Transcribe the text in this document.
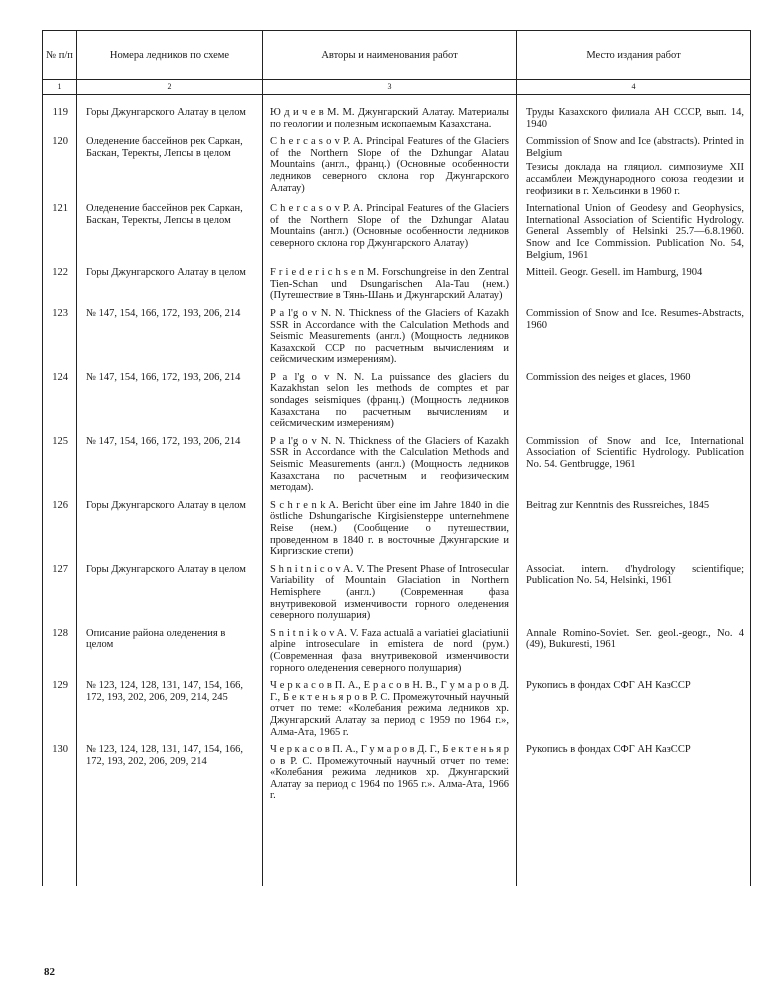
№ п/п	Номера ледников по схеме	Авторы и наименования работ	Место издания работ
1	2	3	4

119	Горы Джунгарского Алатау в целом	Ю д и ч е в М. М. Джунгарский Алатау. Материалы по геологии и полезным ископаемым Казахстана.	Труды Казахского филиала АН СССР, вып. 14, 1940

120	Оледенение бассейнов рек Саркан, Баскан, Теректы, Лепсы в целом	C h e r c a s o v P. A. Principal Features of the Glaciers of the Northern Slope of the Dzhungar Alatau Mountains (англ., франц.) (Основные особенности ледников северного склона гор Джунгарского Алатау)	Commission of Snow and Ice (abstracts). Printed in Belgium
Тезисы доклада на гляциол. симпозиуме XII ассамблеи Международного союза геодезии и геофизики в г. Хельсинки в 1960 г.

121	Оледенение бассейнов рек Саркан, Баскан, Теректы, Лепсы в целом	C h e r c a s o v P. A. Principal Features of the Glaciers of the Northern Slope of the Dzhungar Alatau Mountains (англ.) (Основные особенности ледников северного склона гор Джунгарского Алатау)	International Union of Geodesy and Geophysics, International Association of Scientific Hydrology. General Assembly of Helsinki 25.7—6.8.1960. Snow and Ice Commission. Publication No. 54, Belgium, 1961

122	Горы Джунгарского Алатау в целом	F r i e d e r i c h s e n M. Forschungreise in den Zentral Tien-Schan und Dsungarischen Ala-Tau (нем.) (Путешествие в Тянь-Шань и Джунгарский Алатау)	Mitteil. Geogr. Gesell. im Hamburg, 1904

123	№ 147, 154, 166, 172, 193, 206, 214	P a l'g o v N. N. Thickness of the Glaciers of Kazakh SSR in Accordance with the Calculation Methods and Seismic Measurements (англ.) (Мощность ледников Казахской ССР по расчетным вычислениям и сейсмическим измерениям).	Commission of Snow and Ice. Resumes-Abstracts, 1960

124	№ 147, 154, 166, 172, 193, 206, 214	P a l'g o v N. N. La puissance des glaciers du Kazakhstan selon les methods de comptes et par sondages seismiques (франц.) (Мощность ледников Казахстана по расчетным вычислениям и сейсмическим измерениям)	Commission des neiges et glaces, 1960

125	№ 147, 154, 166, 172, 193, 206, 214	P a l'g o v N. N. Thickness of the Glaciers of Kazakh SSR in Accordance with the Calculation Methods and Seismic Measurements (англ.) (Мощность ледников Казахстана по расчетным и геофизическим методам).	Commission of Snow and Ice, International Association of Scientific Hydrology. Publication No. 54. Gentbrugge, 1961

126	Горы Джунгарского Алатау в целом	S c h r e n k A. Bericht über eine im Jahre 1840 in die östliche Dshungarische Kirgisiensteppe unternehmene Reise (нем.) (Сообщение о путешествии, проведенном в 1840 г. в восточные Джунгарские и Киргизские степи)	Beitrag zur Kenntnis des Russreiches, 1845

127	Горы Джунгарского Алатау в целом	S h n i t n i c o v A. V. The Present Phase of Introsecular Variability of Mountain Glaciation in Northern Hemisphere (англ.) (Современная фаза внутривековой изменчивости горного оледенения северного полушария)	Associat. intern. d'hydrology scientifique; Publication No. 54, Helsinki, 1961

128	Описание района оледенения в целом	S n i t n i k o v A. V. Faza actuală a variatiei glaciatiunii alpine introseculare in emistera de nord (рум.) (Современная фаза внутривековой изменчивости горного оледенения северного полушария)	Annale Romino-Soviet. Ser. geol.-geogr., No. 4 (49), Bukuresti, 1961

129	№ 123, 124, 128, 131, 147, 154, 166, 172, 193, 202, 206, 209, 214, 245	Ч е р к а с о в П. А., Е р а с о в Н. В., Г у м а р о в Д. Г., Б е к т е н ь я р о в Р. С. Промежуточный научный отчет по теме: «Колебания режима ледников хр. Джунгарский Алатау за период с 1959 по 1964 г.», Алма-Ата, 1965 г.	Рукопись в фондах СФГ АН КазССР

130	№ 123, 124, 128, 131, 147, 154, 166, 172, 193, 202, 206, 209, 214	Ч е р к а с о в П. А., Г у м а р о в Д. Г., Б е к т е н ь я р о в Р. С. Промежуточный научный отчет по теме: «Колебания режима ледников хр. Джунгарский Алатау за период с 1964 по 1965 г.». Алма-Ата, 1966 г.	Рукопись в фондах СФГ АН КазССР

82
